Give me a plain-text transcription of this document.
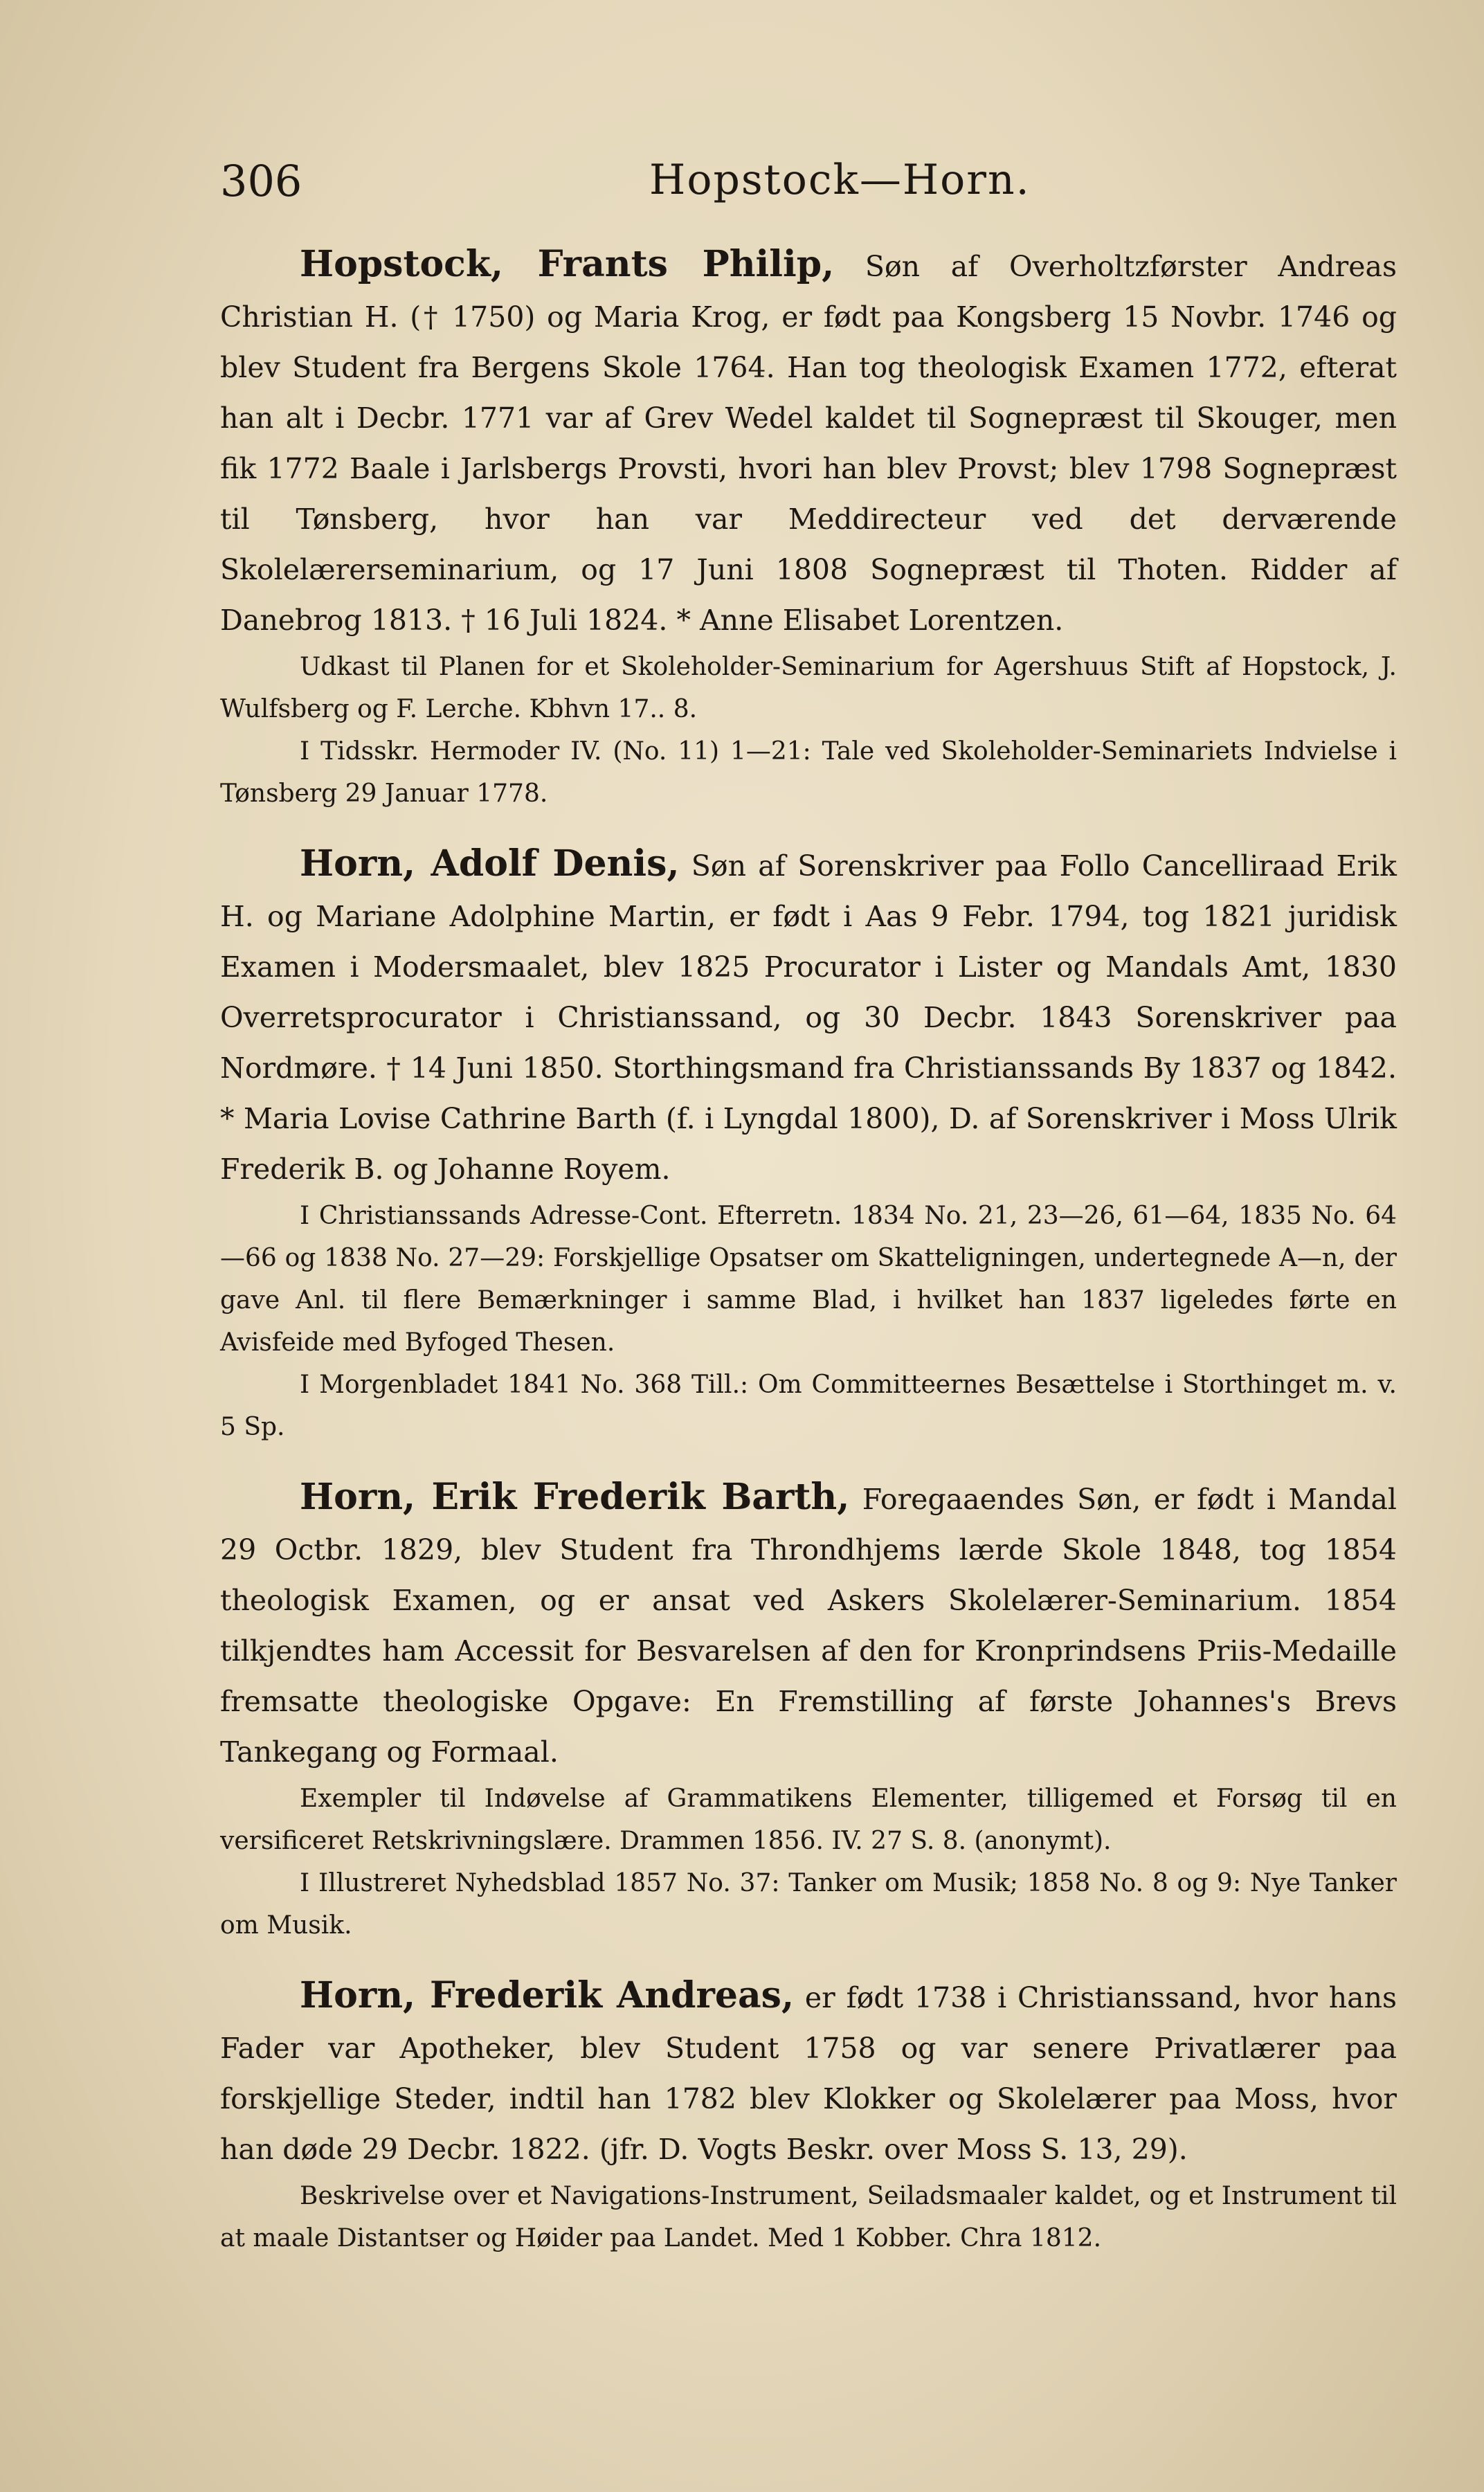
306	Hopstock—Horn.

Hopstock, Frants Philip, Søn af Overholtzførster Andreas Christian H. († 1750) og Maria Krog, er født paa Kongsberg 15 Novbr. 1746 og blev Student fra Bergens Skole 1764. Han tog theologisk Examen 1772, efterat han alt i Decbr. 1771 var af Grev Wedel kaldet til Sognepræst til Skouger, men fik 1772 Baale i Jarlsbergs Provsti, hvori han blev Provst; blev 1798 Sognepræst til Tønsberg, hvor han var Meddirecteur ved det derværende Skolelærerseminarium, og 17 Juni 1808 Sognepræst til Thoten. Ridder af Danebrog 1813. † 16 Juli 1824. * Anne Elisabet Lorentzen.

Udkast til Planen for et Skoleholder-Seminarium for Agershuus Stift af Hopstock, J. Wulfsberg og F. Lerche. Kbhvn 17.. 8.

I Tidsskr. Hermoder IV. (No. 11) 1—21: Tale ved Skoleholder-Seminariets Indvielse i Tønsberg 29 Januar 1778.

Horn, Adolf Denis, Søn af Sorenskriver paa Follo Cancelliraad Erik H. og Mariane Adolphine Martin, er født i Aas 9 Febr. 1794, tog 1821 juridisk Examen i Modersmaalet, blev 1825 Procurator i Lister og Mandals Amt, 1830 Overretsprocurator i Christianssand, og 30 Decbr. 1843 Sorenskriver paa Nordmøre. † 14 Juni 1850. Storthingsmand fra Christianssands By 1837 og 1842. * Maria Lovise Cathrine Barth (f. i Lyngdal 1800), D. af Sorenskriver i Moss Ulrik Frederik B. og Johanne Royem.

I Christianssands Adresse-Cont. Efterretn. 1834 No. 21, 23—26, 61—64, 1835 No. 64—66 og 1838 No. 27—29: Forskjellige Opsatser om Skatteligningen, undertegnede A—n, der gave Anl. til flere Bemærkninger i samme Blad, i hvilket han 1837 ligeledes førte en Avisfeide med Byfoged Thesen.

I Morgenbladet 1841 No. 368 Till.: Om Committeernes Besættelse i Storthinget m. v. 5 Sp.

Horn, Erik Frederik Barth, Foregaaendes Søn, er født i Mandal 29 Octbr. 1829, blev Student fra Throndhjems lærde Skole 1848, tog 1854 theologisk Examen, og er ansat ved Askers Skolelærer-Seminarium. 1854 tilkjendtes ham Accessit for Besvarelsen af den for Kronprindsens Priis-Medaille fremsatte theologiske Opgave: En Fremstilling af første Johannes's Brevs Tankegang og Formaal.

Exempler til Indøvelse af Grammatikens Elementer, tilligemed et Forsøg til en versificeret Retskrivningslære. Drammen 1856. IV. 27 S. 8. (anonymt).

I Illustreret Nyhedsblad 1857 No. 37: Tanker om Musik; 1858 No. 8 og 9: Nye Tanker om Musik.

Horn, Frederik Andreas, er født 1738 i Christianssand, hvor hans Fader var Apotheker, blev Student 1758 og var senere Privatlærer paa forskjellige Steder, indtil han 1782 blev Klokker og Skolelærer paa Moss, hvor han døde 29 Decbr. 1822. (jfr. D. Vogts Beskr. over Moss S. 13, 29).

Beskrivelse over et Navigations-Instrument, Seiladsmaaler kaldet, og et Instrument til at maale Distantser og Høider paa Landet. Med 1 Kobber. Chra 1812.
